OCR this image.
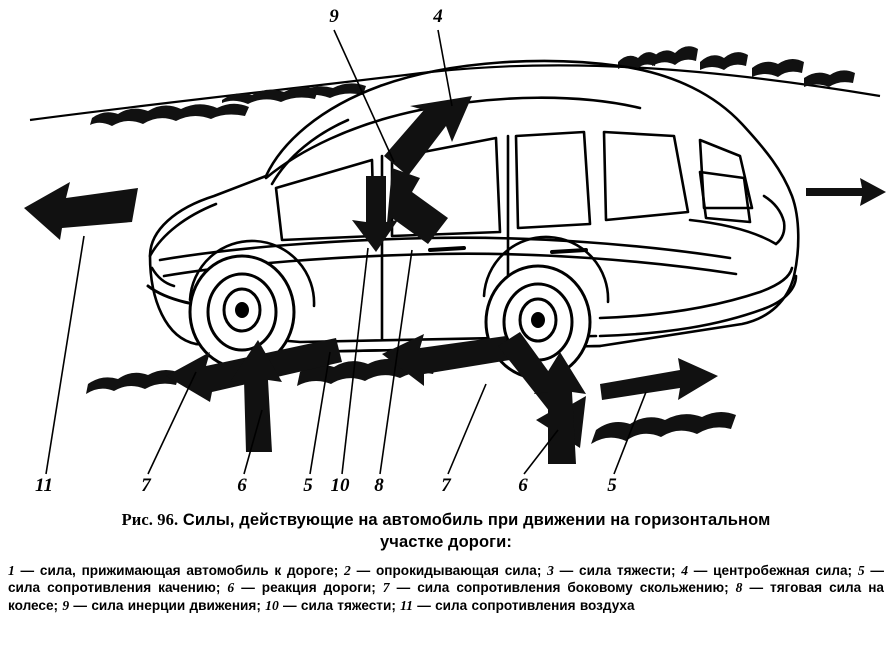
9	4
11	7	6	5 10 8	7	6	5
Рис. 96. Силы, действующие на автомобиль при движении на горизонтальном
участке дороги:
1 — сила, прижимающая автомобиль к дороге; 2 — опрокидывающая сила; 3 — сила тяжести; 4 — центробежная сила; 5 — сила сопротивления качению; 6 — реакция дороги; 7 — сила сопротивления боковому скольжению; 8 — тяговая сила на колесе; 9 — сила инерции движения; 10 — сила тяжести; 11 — сила сопротивления воздуха
